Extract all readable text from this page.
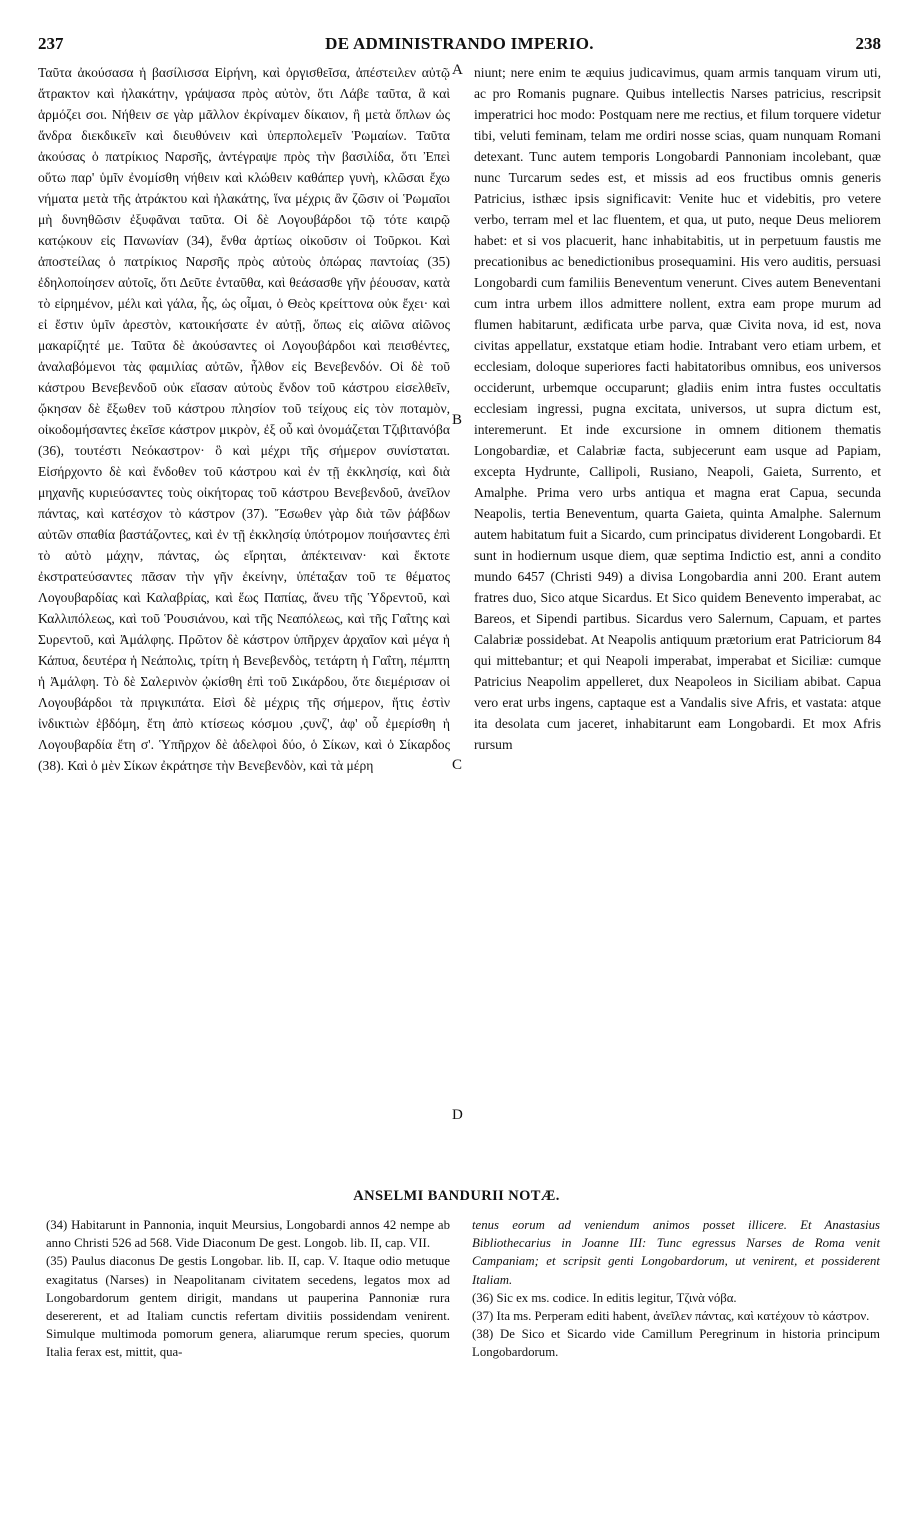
237	DE ADMINISTRANDO IMPERIO.	238

Ταῦτα ἀκούσασα ἡ βασίλισσα Εἰρήνη, καὶ ὀργισθεῖσα, ἀπέστειλεν αὐτῷ ἄτρακτον καὶ ἠλακάτην, γράψασα πρὸς αὐτὸν, ὅτι Λάβε ταῦτα, ἃ καὶ ἁρμόζει σοι. Νήθειν σε γὰρ μᾶλλον ἐκρίναμεν δίκαιον, ἢ μετὰ ὅπλων ὡς ἄνδρα διεκδικεῖν καὶ διευθύνειν καὶ ὑπερπολεμεῖν Ῥωμαίων. Ταῦτα ἀκούσας ὁ πατρίκιος Ναρσῆς, ἀντέγραψε πρὸς τὴν βασιλίδα, ὅτι Ἐπεὶ οὕτω παρ' ὑμῖν ἐνομίσθη νήθειν καὶ κλώθειν καθάπερ γυνὴ, κλῶσαι ἔχω νήματα μετὰ τῆς ἀτράκτου καὶ ἠλακάτης, ἵνα μέχρις ἂν ζῶσιν οἱ Ῥωμαῖοι μὴ δυνηθῶσιν ἐξυφᾶναι ταῦτα. Οἱ δὲ Λογουβάρδοι τῷ τότε καιρῷ κατῴκουν εἰς Πανωνίαν (34), ἔνθα ἀρτίως οἰκοῦσιν οἱ Τοῦρκοι. Καὶ ἀποστείλας ὁ πατρίκιος Ναρσῆς πρὸς αὐτοὺς ὀπώρας παντοίας (35) ἐδηλοποίησεν αὐτοῖς, ὅτι Δεῦτε ἐνταῦθα, καὶ θεάσασθε γῆν ῥέουσαν, κατὰ τὸ εἰρημένον, μέλι καὶ γάλα, ἧς, ὡς οἶμαι, ὁ Θεὸς κρείττονα οὐκ ἔχει· καὶ εἰ ἔστιν ὑμῖν ἀρεστὸν, κατοικήσατε ἐν αὐτῇ, ὅπως εἰς αἰῶνα αἰῶνος μακαρίζητέ με. Ταῦτα δὲ ἀκούσαντες οἱ Λογουβάρδοι καὶ πεισθέντες, ἀναλαβόμενοι τὰς φαμιλίας αὐτῶν, ἦλθον εἰς Βενεβενδόν. Οἱ δὲ τοῦ κάστρου Βενεβενδοῦ οὐκ εἴασαν αὐτοὺς ἔνδον τοῦ κάστρου εἰσελθεῖν, ᾤκησαν δὲ ἔξωθεν τοῦ κάστρου πλησίον τοῦ τείχους εἰς τὸν ποταμὸν, οἰκοδομήσαντες ἐκεῖσε κάστρον μικρὸν, ἐξ οὗ καὶ ὀνομάζεται Τζιβιτανόβα (36), τουτέστι Νεόκαστρον· ὃ καὶ μέχρι τῆς σήμερον συνίσταται. Εἰσήρχοντο δὲ καὶ ἔνδοθεν τοῦ κάστρου καὶ ἐν τῇ ἐκκλησίᾳ, καὶ διὰ μηχανῆς κυριεύσαντες τοὺς οἰκήτορας τοῦ κάστρου Βενεβενδοῦ, ἀνεῖλον πάντας, καὶ κατέσχον τὸ κάστρον (37). Ἔσωθεν γὰρ διὰ τῶν ῥάβδων αὐτῶν σπαθία βαστάζοντες, καὶ ἐν τῇ ἐκκλησίᾳ ὑπότρομον ποιήσαντες ἐπὶ τὸ αὐτὸ μάχην, πάντας, ὡς εἴρηται, ἀπέκτειναν· καὶ ἔκτοτε ἐκστρατεύσαντες πᾶσαν τὴν γῆν ἐκείνην, ὑπέταξαν τοῦ τε θέματος Λογουβαρδίας καὶ Καλαβρίας, καὶ ἕως Παπίας, ἄνευ τῆς Ὑδρεντοῦ, καὶ Καλλιπόλεως, καὶ τοῦ Ῥουσιάνου, καὶ τῆς Νεαπόλεως, καὶ τῆς Γαΐτης καὶ Συρεντοῦ, καὶ Ἀμάλφης. Πρῶτον δὲ κάστρον ὑπῆρχεν ἀρχαῖον καὶ μέγα ἡ Κάπυα, δευτέρα ἡ Νεάπολις, τρίτη ἡ Βενεβενδὸς, τετάρτη ἡ Γαΐτη, πέμπτη ἡ Ἀμάλφη. Τὸ δὲ Σαλερινὸν ᾠκίσθη ἐπὶ τοῦ Σικάρδου, ὅτε διεμέρισαν οἱ Λογουβάρδοι τὰ πριγκιπάτα. Εἰσὶ δὲ μέχρις τῆς σήμερον, ἥτις ἐστὶν ἰνδικτιὼν ἑβδόμη, ἔτη ἀπὸ κτίσεως κόσμου ,ςυνζ', ἀφ' οὗ ἐμερίσθη ἡ Λογουβαρδία ἔτη σ'. Ὑπῆρχον δὲ ἀδελφοὶ δύο, ὁ Σίκων, καὶ ὁ Σίκαρδος (38). Καὶ ὁ μὲν Σίκων ἐκράτησε τὴν Βενεβενδὸν, καὶ τὰ μέρη

A
B
C
D

niunt; nere enim te æquius judicavimus, quam armis tanquam virum uti, ac pro Romanis pugnare. Quibus intellectis Narses patricius, rescripsit imperatrici hoc modo: Postquam nere me rectius, et filum torquere videtur tibi, veluti feminam, telam me ordiri nosse scias, quam nunquam Romani detexant. Tunc autem temporis Longobardi Pannoniam incolebant, quæ nunc Turcarum sedes est, et missis ad eos fructibus omnis generis Patricius, isthæc ipsis significavit: Venite huc et videbitis, pro vetere verbo, terram mel et lac fluentem, et qua, ut puto, neque Deus meliorem habet: et si vos placuerit, hanc inhabitabitis, ut in perpetuum faustis me precationibus ac benedictionibus prosequamini. His vero auditis, persuasi Longobardi cum familiis Beneventum venerunt. Cives autem Beneventani cum intra urbem illos admittere nollent, extra eam prope murum ad flumen habitarunt, ædificata urbe parva, quæ Civita nova, id est, nova civitas appellatur, exstatque etiam hodie. Intrabant vero etiam urbem, et ecclesiam, doloque superiores facti habitatoribus omnibus, eos universos occiderunt, urbemque occuparunt; gladiis enim intra fustes occultatis ecclesiam ingressi, pugna excitata, universos, ut supra dictum est, interemerunt. Et inde excursione in omnem ditionem thematis Longobardiæ, et Calabriæ facta, subjecerunt eam usque ad Papiam, excepta Hydrunte, Callipoli, Rusiano, Neapoli, Gaieta, Surrento, et Amalphe. Prima vero urbs antiqua et magna erat Capua, secunda Neapolis, tertia Beneventum, quarta Gaieta, quinta Amalphe. Salernum autem habitatum fuit a Sicardo, cum principatus dividerent Longobardi. Et sunt in hodiernum usque diem, quæ septima Indictio est, anni a condito mundo 6457 (Christi 949) a divisa Longobardia anni 200. Erant autem fratres duo, Sico atque Sicardus. Et Sico quidem Benevento imperabat, ac Bareos, et Sipendi partibus. Sicardus vero Salernum, Capuam, et partes Calabriæ possidebat. At Neapolis antiquum prætorium erat Patriciorum 84 qui mittebantur; et qui Neapoli imperabat, imperabat et Siciliæ: cumque Patricius Neapolim appelleret, dux Neapoleos in Siciliam abibat. Capua vero erat urbs ingens, captaque est a Vandalis sive Afris, et vastata: atque ita desolata cum jaceret, inhabitarunt eam Longobardi. Et mox Afris rursum

ANSELMI BANDURII NOTÆ.

(34) Habitarunt in Pannonia, inquit Meursius, Longobardi annos 42 nempe ab anno Christi 526 ad 568. Vide Diaconum De gest. Longob. lib. II, cap. VII.

(35) Paulus diaconus De gestis Longobar. lib. II, cap. V. Itaque odio metuque exagitatus (Narses) in Neapolitanam civitatem secedens, legatos mox ad Longobardorum gentem dirigit, mandans ut pauperina Pannoniæ rura desererent, et ad Italiam cunctis refertam divitiis possidendam venirent. Simulque multimoda pomorum genera, aliarumque rerum species, quorum Italia ferax est, mittit, qua-

tenus eorum ad veniendum animos posset illicere. Et Anastasius Bibliothecarius in Joanne III: Tunc egressus Narses de Roma venit Campaniam; et scripsit genti Longobardorum, ut venirent, et possiderent Italiam.

(36) Sic ex ms. codice. In editis legitur, Τζινὰ νόβα.

(37) Ita ms. Perperam editi habent, ἀνεῖλεν πάντας, καὶ κατέχουν τὸ κάστρον.

(38) De Sico et Sicardo vide Camillum Peregrinum in historia principum Longobardorum.
